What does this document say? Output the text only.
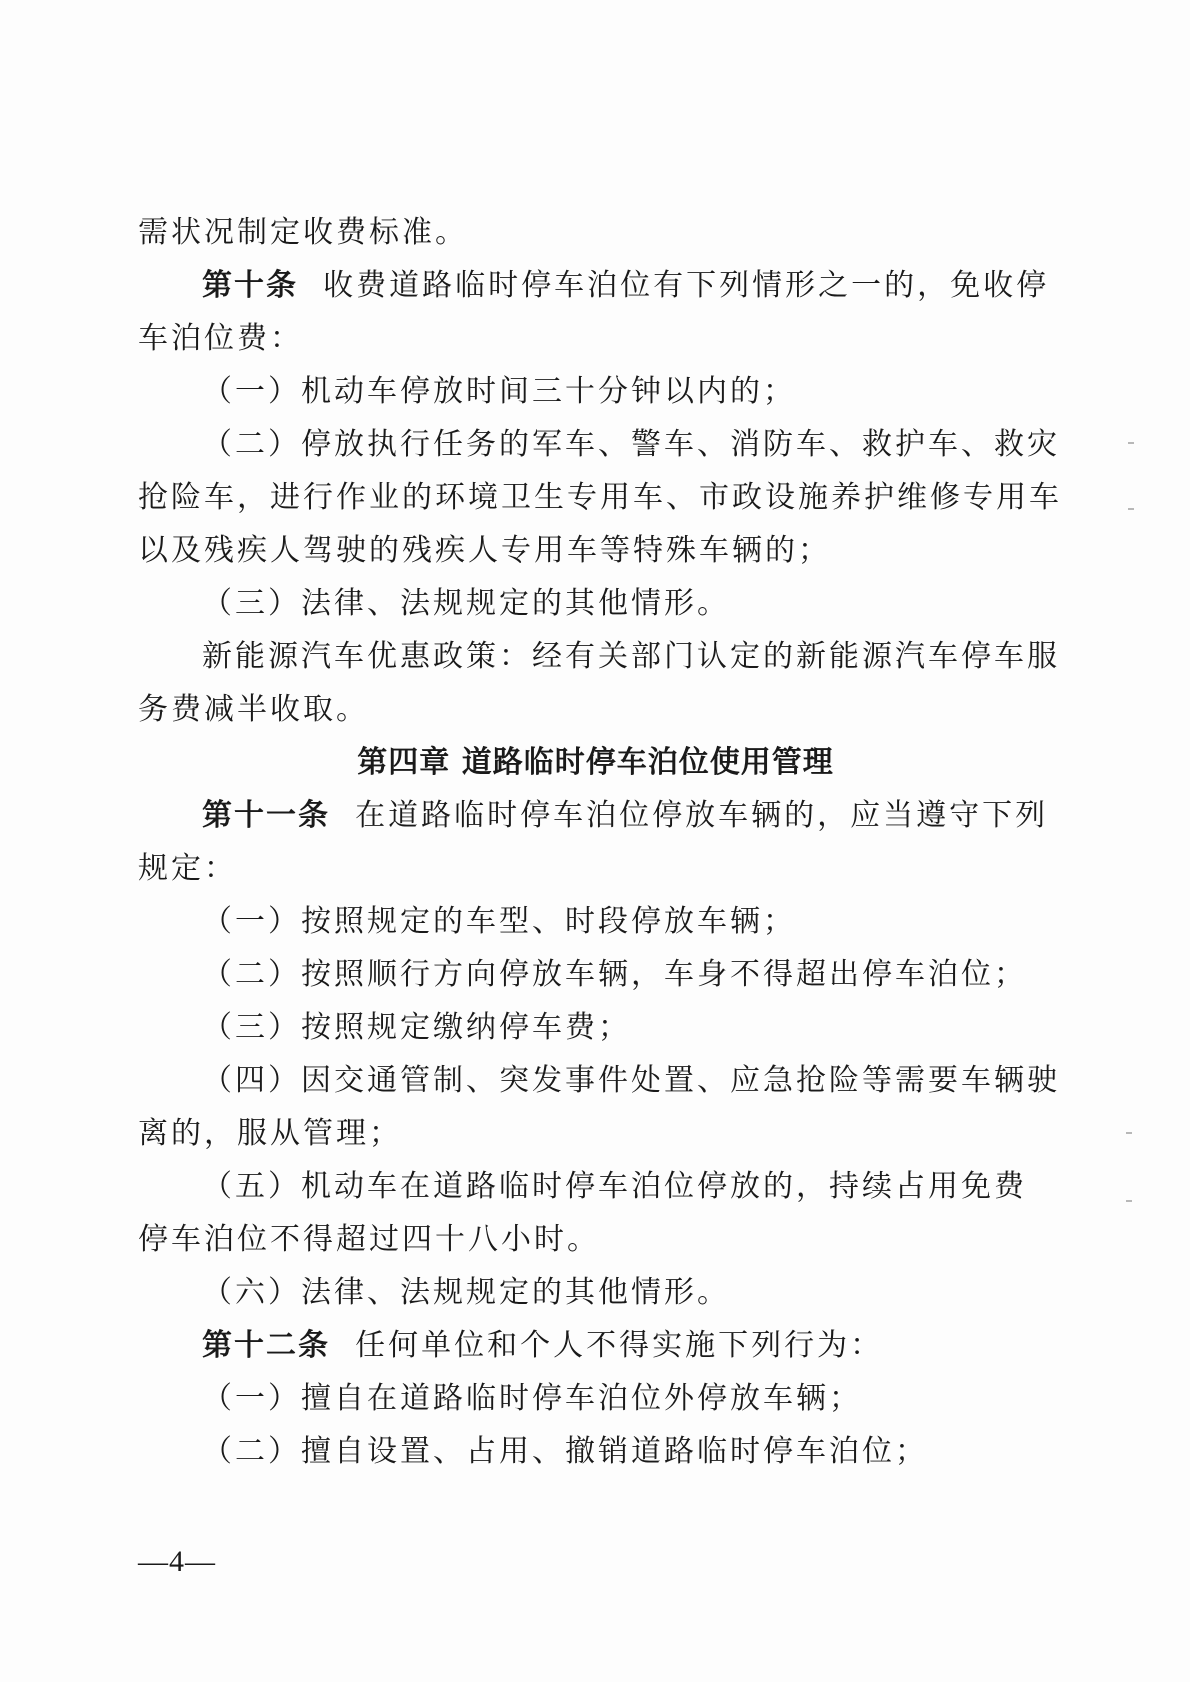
需状况制定收费标准。
第十条 收费道路临时停车泊位有下列情形之一的，免收停
车泊位费：
（一）机动车停放时间三十分钟以内的；
（二）停放执行任务的军车、警车、消防车、救护车、救灾
抢险车，进行作业的环境卫生专用车、市政设施养护维修专用车
以及残疾人驾驶的残疾人专用车等特殊车辆的；
（三）法律、法规规定的其他情形。
新能源汽车优惠政策：经有关部门认定的新能源汽车停车服
务费减半收取。
第四章 道路临时停车泊位使用管理
第十一条 在道路临时停车泊位停放车辆的，应当遵守下列
规定：
（一）按照规定的车型、时段停放车辆；
（二）按照顺行方向停放车辆，车身不得超出停车泊位；
（三）按照规定缴纳停车费；
（四）因交通管制、突发事件处置、应急抢险等需要车辆驶
离的，服从管理；
（五）机动车在道路临时停车泊位停放的，持续占用免费
停车泊位不得超过四十八小时。
（六）法律、法规规定的其他情形。
第十二条 任何单位和个人不得实施下列行为：
（一）擅自在道路临时停车泊位外停放车辆；
（二）擅自设置、占用、撤销道路临时停车泊位；
—4—
